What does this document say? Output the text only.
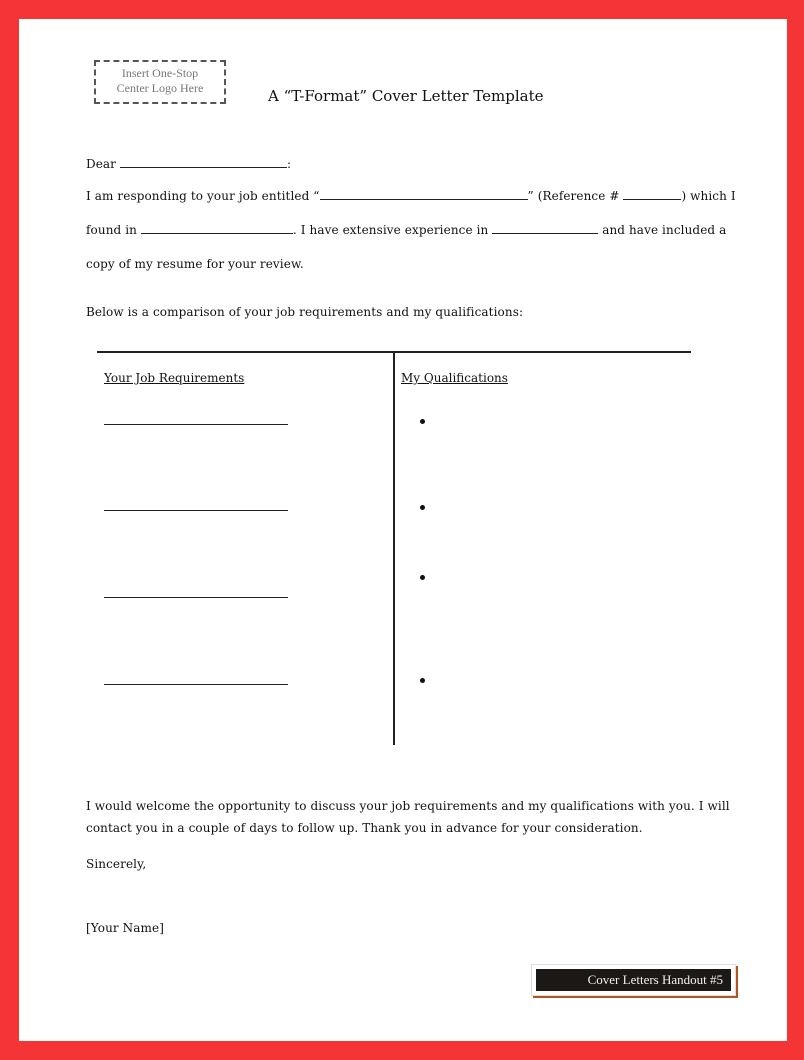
Insert One-Stop
Center Logo Here	A “T-Format” Cover Letter Template
Dear	:
I am responding to your job entitled “	” (Reference #	) which I
found in	. I have extensive experience in	and have included a
copy of my resume for your review.
Below is a comparison of your job requirements and my qualifications:
Your Job Requirements	My Qualifications
I would welcome the opportunity to discuss your job requirements and my qualifications with you. I will
contact you in a couple of days to follow up. Thank you in advance for your consideration.
Sincerely,
[Your Name]
Cover Letters Handout #5
